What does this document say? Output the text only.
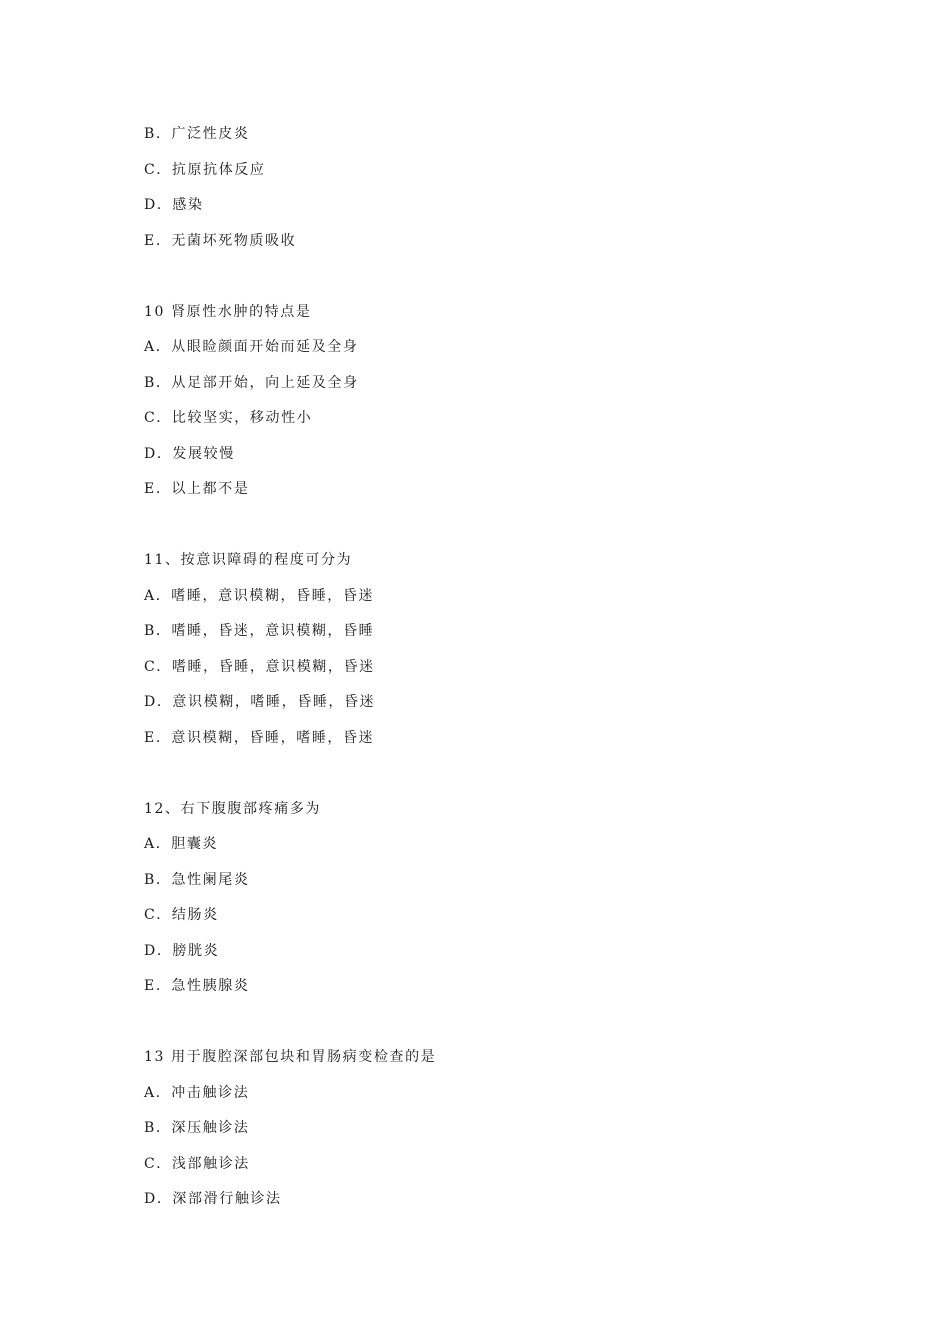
B．广泛性皮炎
C．抗原抗体反应
D．感染
E．无菌坏死物质吸收
10 肾原性水肿的特点是
A．从眼睑颜面开始而延及全身
B．从足部开始，向上延及全身
C．比较坚实，移动性小
D．发展较慢
E．以上都不是
11、按意识障碍的程度可分为
A．嗜睡，意识模糊，昏睡，昏迷
B．嗜睡，昏迷，意识模糊，昏睡
C．嗜睡，昏睡，意识模糊，昏迷
D．意识模糊，嗜睡，昏睡，昏迷
E．意识模糊，昏睡，嗜睡，昏迷
12、右下腹腹部疼痛多为
A．胆囊炎
B．急性阑尾炎
C．结肠炎
D．膀胱炎
E．急性胰腺炎
13 用于腹腔深部包块和胃肠病变检查的是
A．冲击触诊法
B．深压触诊法
C．浅部触诊法
D．深部滑行触诊法
